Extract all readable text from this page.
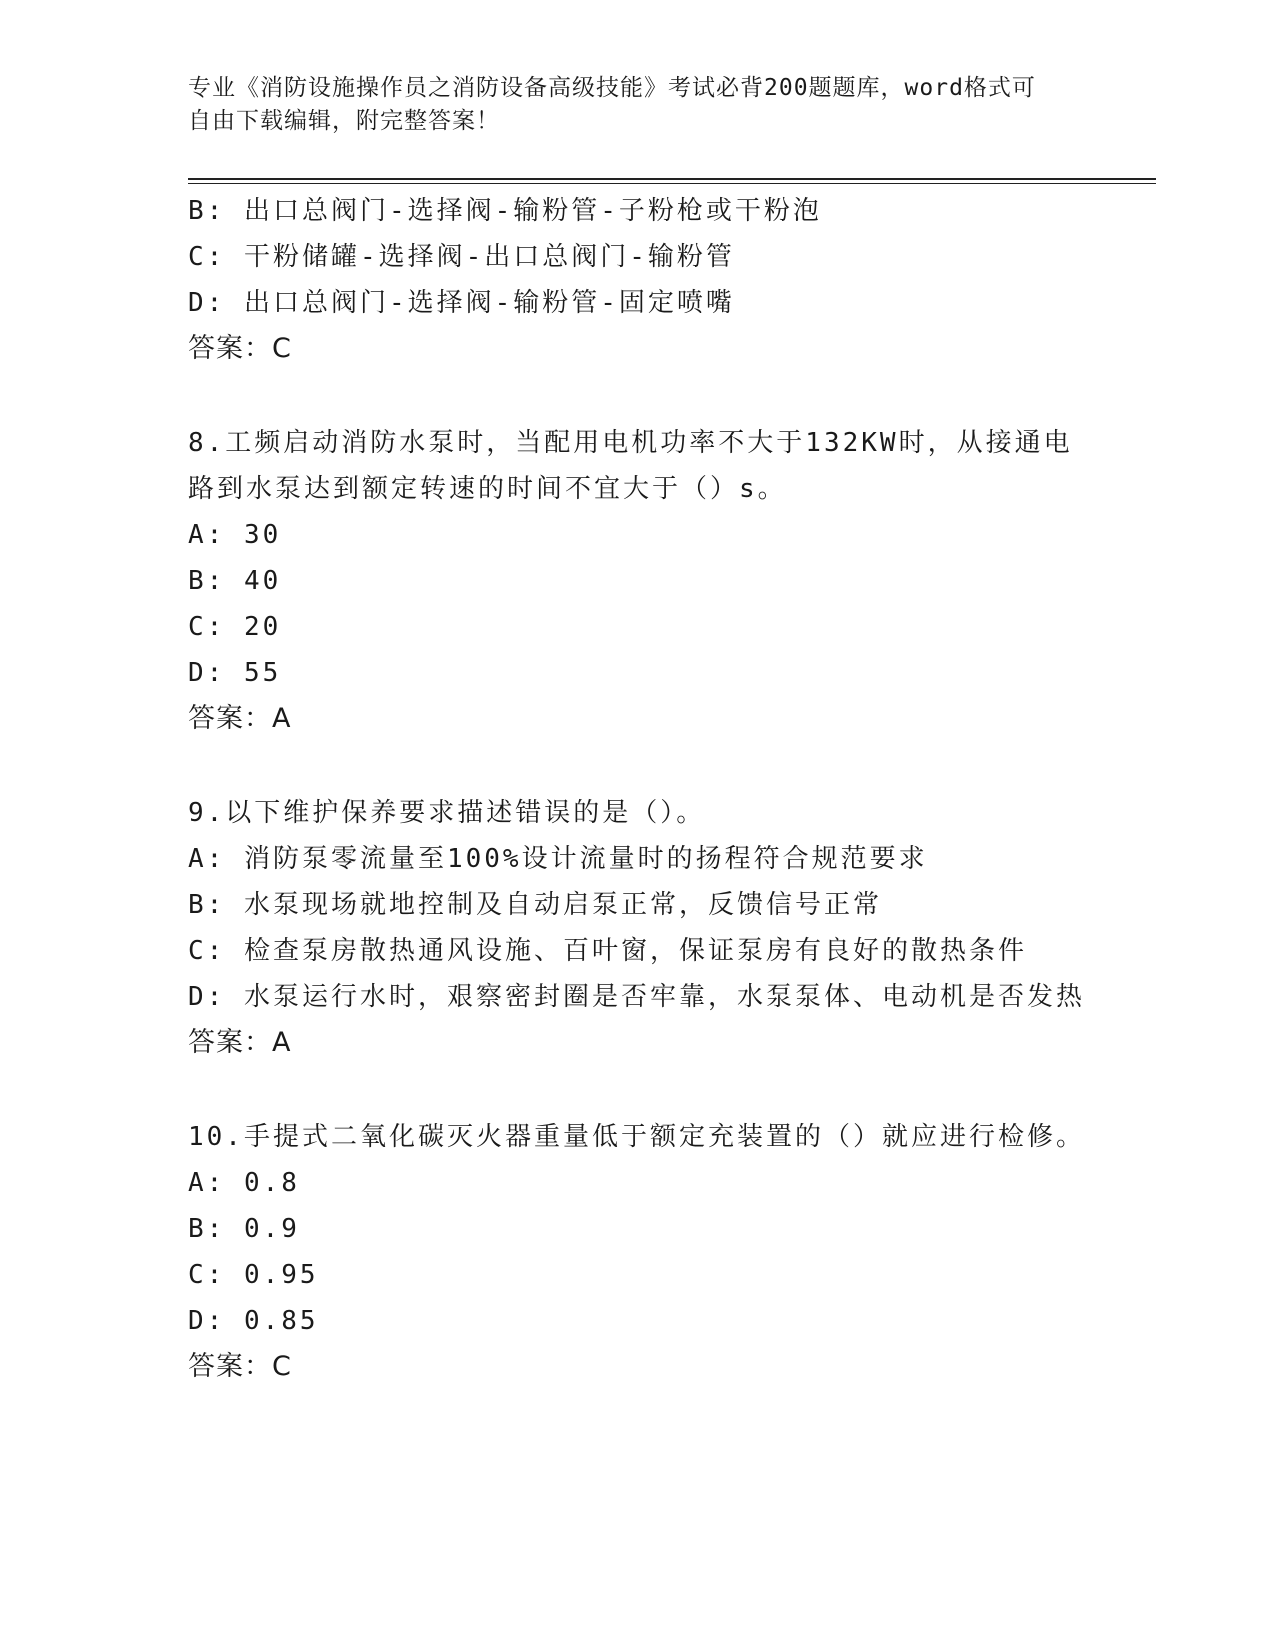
专业《消防设施操作员之消防设备高级技能》考试必背200题题库，word格式可
自由下载编辑，附完整答案！
B: 出口总阀门-选择阀-输粉管-子粉枪或干粉泡
C: 干粉储罐-选择阀-出口总阀门-输粉管
D: 出口总阀门-选择阀-输粉管-固定喷嘴
答案：C
8.工频启动消防水泵时，当配用电机功率不大于132KW时，从接通电
路到水泵达到额定转速的时间不宜大于（）s。
A: 30
B: 40
C: 20
D: 55
答案：A
9.以下维护保养要求描述错误的是（）。
A: 消防泵零流量至100%设计流量时的扬程符合规范要求
B: 水泵现场就地控制及自动启泵正常，反馈信号正常
C: 检查泵房散热通风设施、百叶窗，保证泵房有良好的散热条件
D: 水泵运行水时，艰察密封圈是否牢靠，水泵泵体、电动机是否发热
答案：A
10.手提式二氧化碳灭火器重量低于额定充装置的（）就应进行检修。
A: 0.8
B: 0.9
C: 0.95
D: 0.85
答案：C
